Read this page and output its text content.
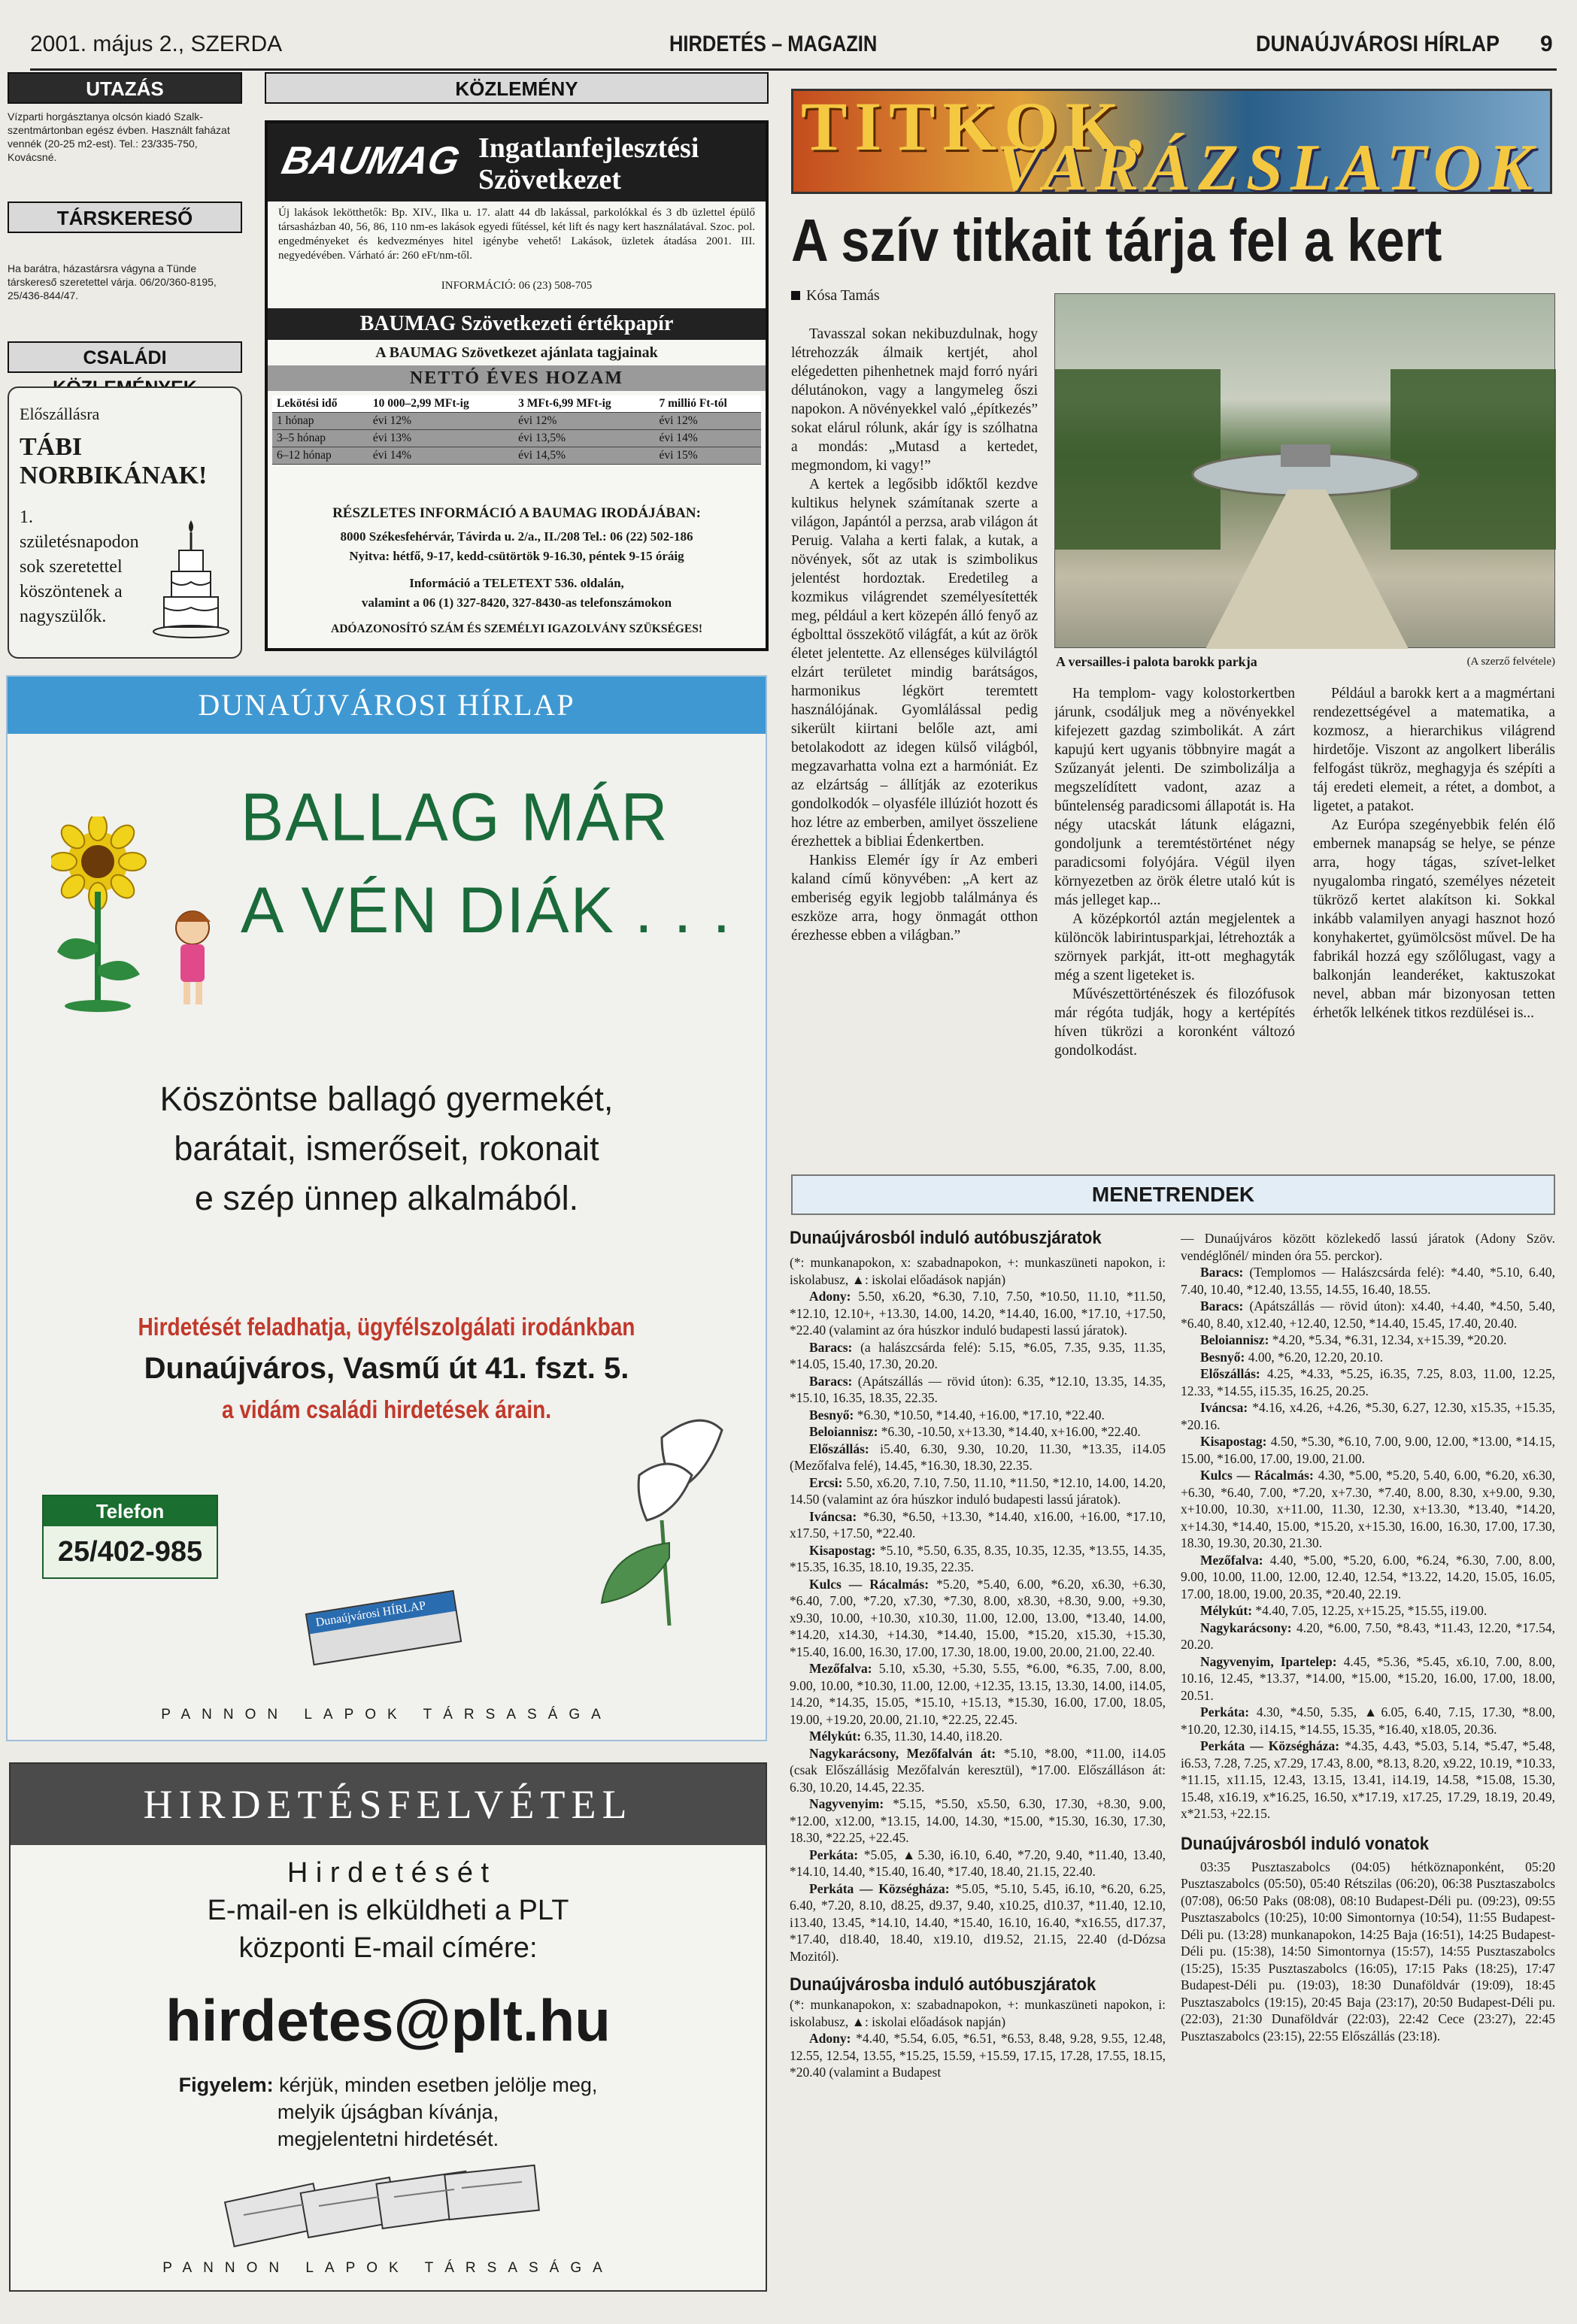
2001. május 2., SZERDA	HIRDETÉS – MAGAZIN	DUNAÚJVÁROSI HÍRLAP 9
UTAZÁS
Vízparti horgásztanya olcsón kiadó Szalk-szentmártonban egész évben. Használt faházat vennék (20-25 m2-est). Tel.: 23/335-750, Kovácsné.
TÁRSKERESŐ
Ha barátra, házastársra vágyna a Tünde társkereső szeretettel várja. 06/20/360-8195, 25/436-844/47.
CSALÁDI
Előszállásra
TÁBI NORBIKÁNAK!
1. születésnapodon sok szeretettel köszöntenek a nagyszülők.
KÖZLEMÉNY
BAUMAG Ingatlanfejlesztési
Szövetkezet
Új lakások lekötthetők: Bp. XIV., Ilka u. 17. alatt 44 db lakással, parkolókkal és 3 db üzlettel épülő társasházban 40, 56, 86, 110 nm-es lakások egyedi fűtéssel, két lift és nagy kert használatával. Szoc. pol. engedményeket és kedvezményes hitel igénybe vehető! Lakások, üzletek átadása 2001. III. negyedévében. Várható ár: 260 eFt/nm-től.
INFORMÁCIÓ: 06 (23) 508-705
BAUMAG Szövetkezeti értékpapír
A BAUMAG Szövetkezet ajánlata tagjainak
NETTÓ ÉVES HOZAM
Lekötési idő	10 000–2,99 MFt-ig	3 MFt-6,99 MFt-ig	7 millió Ft-tól
1 hónap	évi 12%	évi 12%	évi 12%
3–5 hónap	évi 13%	évi 13,5%	évi 14%
6–12 hónap	évi 14%	évi 14,5%	évi 15%
RÉSZLETES INFORMÁCIÓ A BAUMAG IRODÁJÁBAN:
8000 Székesfehérvár, Távirda u. 2/a., II./208 Tel.: 06 (22) 502-186
Nyitva: hétfő, 9-17, kedd-csütörtök 9-16.30, péntek 9-15 óráig
Információ a TELETEXT 536. oldalán,
valamint a 06 (1) 327-8420, 327-8430-as telefonszámokon
ADÓAZONOSÍTÓ SZÁM ÉS SZEMÉLYI IGAZOLVÁNY SZÜKSÉGES!
DUNAÚJVÁROSI HÍRLAP
BALLAG MÁR
A VÉN DIÁK . . .
Köszöntse ballagó gyermekét,
barátait, ismerőseit, rokonait
e szép ünnep alkalmából.
Hirdetését feladhatja, ügyfélszolgálati irodánkban
Dunaújváros, Vasmű út 41. fszt. 5.
a vidám családi hirdetések árain.
Telefon
25/402-985
Dunaújvárosi HÍRLAP
PANNON LAPOK TÁRSASÁGA
HIRDETÉSFELVÉTEL
H i r d e t é s é t
E-mail-en is elküldheti a PLT
központi E-mail címére:
hirdetes@plt.hu
Figyelem: kérjük, minden esetben jelölje meg,
melyik újságban kívánja,
megjelentetni hirdetését.
PANNON LAPOK TÁRSASÁGA
TITKOK,
VARÁZSLATOK
A szív titkait tárja fel a kert
Kósa Tamás
A versailles-i palota barokk parkja	(A szerző felvétele)

Tavasszal sokan nekibuzdulnak, hogy létrehozzák álmaik kertjét, ahol elégedetten pihenhetnek majd forró nyári délutánokon, vagy a langymeleg őszi napokon. A növényekkel való „építkezés” sokat elárul rólunk, akár így is szólhatna a mondás: „Mutasd a kertedet, megmondom, ki vagy!”

A kertek a legősibb időktől kezdve kultikus helynek számítanak szerte a világon, Japántól a perzsa, arab világon át Peruig. Valaha a kerti falak, a kutak, a növények, sőt az utak is szimbolikus jelentést hordoztak. Eredetileg a kozmikus világrendet személyesítették meg, például a kert közepén álló fenyő az égbolttal összekötő világfát, a kút az örök életet jelentette. Az ellenséges külvilágtól elzárt területet mindig barátságos, harmonikus légkört teremtett használójának. Gyomlálással pedig sikerült kiirtani belőle azt, ami betolakodott az idegen külső világból, megzavarhatta volna ezt a harmóniát. Ez az elzártság – állítják az ezoterikus gondolkodók – olyasféle illúziót hozott és hoz létre az emberben, amilyet összeliene érezhettek a bibliai Édenkertben.

Hankiss Elemér így ír Az emberi kaland című könyvében: „A kert az emberiség egyik legjobb találmánya és eszköze arra, hogy önmagát otthon érezhesse ebben a világban.”

Ha templom- vagy kolostorkertben járunk, csodáljuk meg a növényekkel kifejezett gazdag szimbolikát. A zárt kapujú kert ugyanis többnyire magát a Szűzanyát jelenti. De szimbolizálja a megszelídített vadont, azaz a bűntelenség paradicsomi állapotát is. Ha négy utacskát látunk elágazni, gondoljunk a teremtéstörténet négy paradicsomi folyójára. Végül ilyen környezetben az örök életre utaló kút is más jelleget kap...

A középkortól aztán megjelentek a különcök labirintusparkjai, létrehozták a szörnyek parkját, itt-ott meghagyták még a szent ligeteket is.

Művészettörténészek és filozófusok már régóta tudják, hogy a kertépítés híven tükrözi a koronként változó gondolkodást.

Például a barokk kert a a magmértani rendezettségével a matematika, a kozmosz, a hierarchikus világrend hirdetője. Viszont az angolkert liberális felfogást tükröz, meghagyja és szépíti a táj eredeti elemeit, a rétet, a dombot, a ligetet, a patakot.

Az Európa szegényebbik felén élő embernek manapság se helye, se pénze arra, hogy tágas, szívet-lelket nyugalomba ringató, személyes nézeteit tükröző kertet alakítson ki. Sokkal inkább valamilyen anyagi hasznot hozó konyhakertet, gyümölcsöst művel. De ha fabrikál hozzá egy szőlőlugast, vagy a balkonján leanderéket, kaktuszokat nevel, abban már bizonyosan tetten érhetők lelkének titkos rezdülései is...

MENETRENDEK
Dunaújvárosból induló autóbuszjáratok
(*: munkanapokon, x: szabadnapokon, +: munkaszüneti napokon, i: iskolabusz, ▲: iskolai előadások napján)
Adony: 5.50, x6.20, *6.30, 7.10, 7.50, *10.50, 11.10, *11.50, *12.10, 12.10+, +13.30, 14.00, 14.20, *14.40, 16.00, *17.10, +17.50, *22.40 (valamint az óra húszkor induló budapesti lassú járatok).
Baracs: (a halászcsárda felé): 5.15, *6.05, 7.35, 9.35, 11.35, *14.05, 15.40, 17.30, 20.20.
Baracs: (Apátszállás — rövid úton): 6.35, *12.10, 13.35, 14.35, *15.10, 16.35, 18.35, 22.35.
Besnyő: *6.30, *10.50, *14.40, +16.00, *17.10, *22.40.
Beloiannisz: *6.30, -10.50, x+13.30, *14.40, x+16.00, *22.40.
Előszállás: i5.40, 6.30, 9.30, 10.20, 11.30, *13.35, i14.05 (Mezőfalva felé), 14.45, *16.30, 18.30, 22.35.
Ercsi: 5.50, x6.20, 7.10, 7.50, 11.10, *11.50, *12.10, 14.00, 14.20, 14.50 (valamint az óra húszkor induló budapesti lassú járatok).
Iváncsa: *6.30, *6.50, +13.30, *14.40, x16.00, +16.00, *17.10, x17.50, +17.50, *22.40.
Kisapostag: *5.10, *5.50, 6.35, 8.35, 10.35, 12.35, *13.55, 14.35, *15.35, 16.35, 18.10, 19.35, 22.35.
Kulcs — Rácalmás: *5.20, *5.40, 6.00, *6.20, x6.30, +6.30, *6.40, 7.00, *7.20, x7.30, *7.30, 8.00, x8.30, +8.30, 9.00, +9.30, x9.30, 10.00, +10.30, x10.30, 11.00, 12.00, 13.00, *13.40, 14.00, *14.20, x14.30, +14.30, *14.40, 15.00, *15.20, x15.30, +15.30, *15.40, 16.00, 16.30, 17.00, 17.30, 18.00, 19.00, 20.00, 21.00, 22.40.
Mezőfalva: 5.10, x5.30, +5.30, 5.55, *6.00, *6.35, 7.00, 8.00, 9.00, 10.00, *10.30, 11.00, 12.00, +12.35, 13.15, 13.30, 14.00, i14.05, 14.20, *14.35, 15.05, *15.10, +15.13, *15.30, 16.00, 17.00, 18.05, 19.00, +19.20, 20.00, 21.10, *22.25, 22.45.
Mélykút: 6.35, 11.30, 14.40, i18.20.
Nagykarácsony, Mezőfalván át: *5.10, *8.00, *11.00, i14.05 (csak Előszállásig Mezőfalván keresztül), *17.00. Előszálláson át: 6.30, 10.20, 14.45, 22.35.
Nagyvenyim: *5.15, *5.50, x5.50, 6.30, 17.30, +8.30, 9.00, *12.00, x12.00, *13.15, 14.00, 14.30, *15.00, *15.30, 16.30, 17.30, 18.30, *22.25, +22.45.
Perkáta: *5.05, ▲5.30, i6.10, 6.40, *7.20, 9.40, *11.40, 13.40, *14.10, 14.40, *15.40, 16.40, *17.40, 18.40, 21.15, 22.40.
Perkáta — Községháza: *5.05, *5.10, 5.45, i6.10, *6.20, 6.25, 6.40, *7.20, 8.10, d8.25, d9.37, 9.40, x10.25, d10.37, *11.40, 12.10, i13.40, 13.45, *14.10, 14.40, *15.40, 16.10, 16.40, *x16.55, d17.37, *17.40, d18.40, 18.40, x19.10, d19.52, 21.15, 22.40 (d-Dózsa Mozitól).
Dunaújvárosba induló autóbuszjáratok
(*: munkanapokon, x: szabadnapokon, +: munkaszüneti napokon, i: iskolabusz, ▲: iskolai előadások napján)
Adony: *4.40, *5.54, 6.05, *6.51, *6.53, 8.48, 9.28, 9.55, 12.48, 12.55, 12.54, 13.55, *15.25, 15.59, +15.59, 17.15, 17.28, 17.55, 18.15, *20.40 (valamint a Budapest
— Dunaújváros között közlekedő lassú járatok (Adony Szöv. vendéglőnél/ minden óra 55. perckor).
Baracs: (Templomos — Halászcsárda felé): *4.40, *5.10, 6.40, 7.40, 10.40, *12.40, 13.55, 14.55, 16.40, 18.55.
Baracs: (Apátszállás — rövid úton): x4.40, +4.40, *4.50, 5.40, *6.40, 8.40, x12.40, +12.40, 12.50, *14.40, 15.45, 17.40, 20.40.
Beloiannisz: *4.20, *5.34, *6.31, 12.34, x+15.39, *20.20.
Besnyő: 4.00, *6.20, 12.20, 20.10.
Előszállás: 4.25, *4.33, *5.25, i6.35, 7.25, 8.03, 11.00, 12.25, 12.33, *14.55, i15.35, 16.25, 20.25.
Iváncsa: *4.16, x4.26, +4.26, *5.30, 6.27, 12.30, x15.35, +15.35, *20.16.
Kisapostag: 4.50, *5.30, *6.10, 7.00, 9.00, 12.00, *13.00, *14.15, 15.00, *16.00, 17.00, 19.00, 21.00.
Kulcs — Rácalmás: 4.30, *5.00, *5.20, 5.40, 6.00, *6.20, x6.30, +6.30, *6.40, 7.00, *7.20, x+7.30, *7.40, 8.00, 8.30, x+9.00, 9.30, x+10.00, 10.30, x+11.00, 11.30, 12.30, x+13.30, *13.40, *14.20, x+14.30, *14.40, 15.00, *15.20, x+15.30, 16.00, 16.30, 17.00, 17.30, 18.30, 19.30, 20.30, 21.30.
Mezőfalva: 4.40, *5.00, *5.20, 6.00, *6.24, *6.30, 7.00, 8.00, 9.00, 10.00, 11.00, 12.00, 12.40, 12.54, *13.22, 14.20, 15.05, 16.05, 17.00, 18.00, 19.00, 20.35, *20.40, 22.19.
Mélykút: *4.40, 7.05, 12.25, x+15.25, *15.55, i19.00.
Nagykarácsony: 4.20, *6.00, 7.50, *8.43, *11.43, 12.20, *17.54, 20.20.
Nagyvenyim, Ipartelep: 4.45, *5.36, *5.45, x6.10, 7.00, 8.00, 10.16, 12.45, *13.37, *14.00, *15.00, *15.20, 16.00, 17.00, 18.00, 20.51.
Perkáta: 4.30, *4.50, 5.35, ▲6.05, 6.40, 7.15, 17.30, *8.00, *10.20, 12.30, i14.15, *14.55, 15.35, *16.40, x18.05, 20.36.
Perkáta — Községháza: *4.35, 4.43, *5.03, 5.14, *5.47, *5.48, i6.53, 7.28, 7.25, x7.29, 17.43, 8.00, *8.13, 8.20, x9.22, 10.19, *10.33, *11.15, x11.15, 12.43, 13.15, 13.41, i14.19, 14.58, *15.08, 15.30, 15.48, x16.19, x*16.25, 16.50, x*17.19, x17.25, 17.29, 18.19, 20.49, x*21.53, +22.15.
Dunaújvárosból induló vonatok
03:35 Pusztaszabolcs (04:05) hétköznaponként, 05:20 Pusztaszabolcs (05:50), 05:40 Rétszilas (06:20), 06:38 Pusztaszabolcs (07:08), 06:50 Paks (08:08), 08:10 Budapest-Déli pu. (09:23), 09:55 Pusztaszabolcs (10:25), 10:00 Simontornya (10:54), 11:55 Budapest-Déli pu. (13:28) munkanapokon, 14:25 Baja (16:51), 14:25 Budapest-Déli pu. (15:38), 14:50 Simontornya (15:57), 14:55 Pusztaszabolcs (15:25), 15:35 Pusztaszabolcs (16:05), 17:15 Paks (18:25), 17:47 Budapest-Déli pu. (19:03), 18:30 Dunaföldvár (19:09), 18:45 Pusztaszabolcs (19:15), 20:45 Baja (23:17), 20:50 Budapest-Déli pu. (22:03), 21:30 Dunaföldvár (22:03), 22:42 Cece (23:27), 22:45 Pusztaszabolcs (23:15), 22:55 Előszállás (23:18).
